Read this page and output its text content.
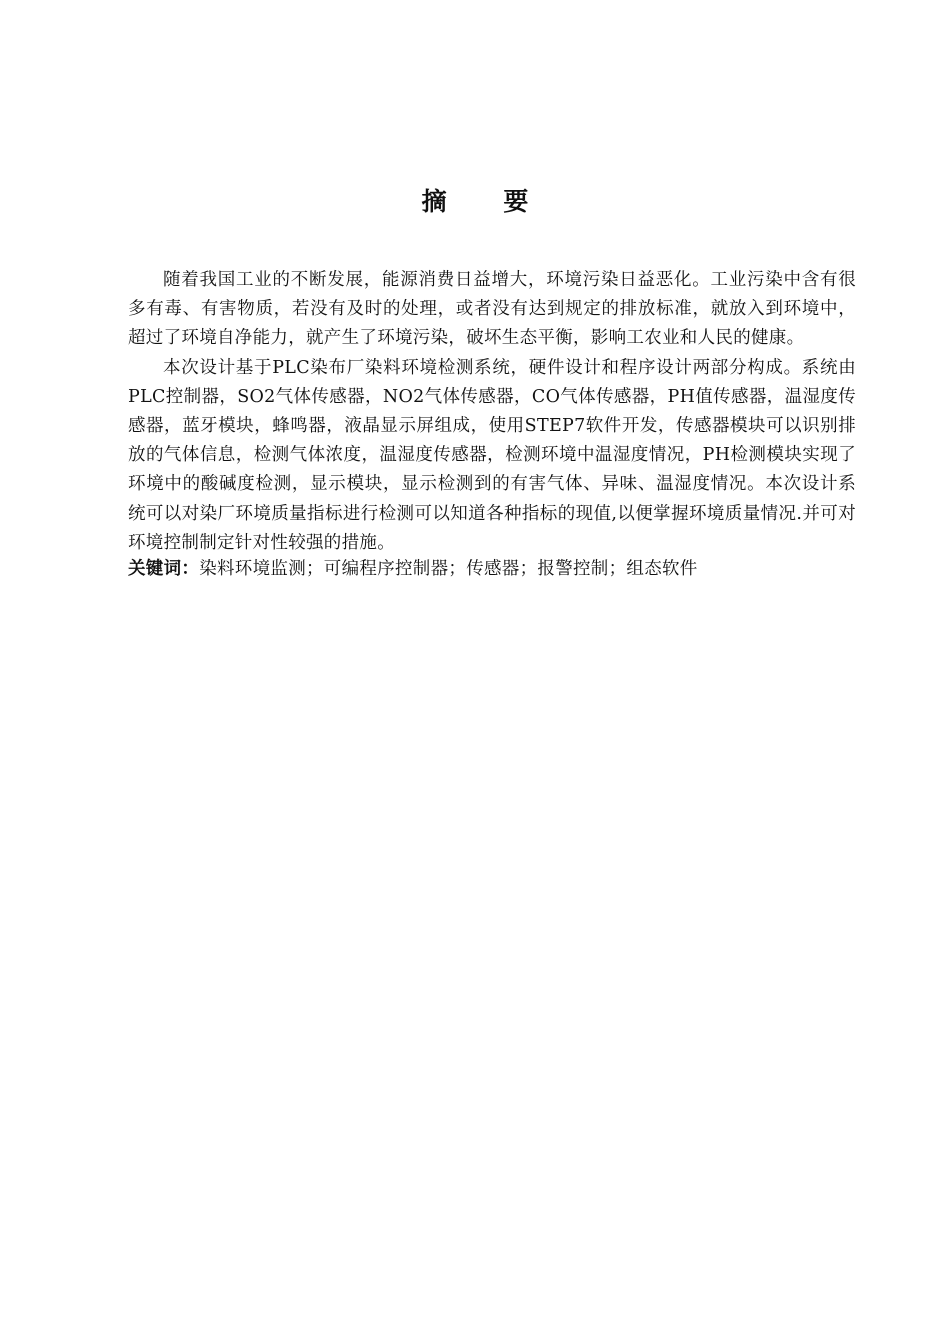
摘 要

随着我国工业的不断发展，能源消费日益增大，环境污染日益恶化。工业污染中含有很多有毒、有害物质，若没有及时的处理，或者没有达到规定的排放标准，就放入到环境中，超过了环境自净能力，就产生了环境污染，破坏生态平衡，影响工农业和人民的健康。

本次设计基于PLC染布厂染料环境检测系统，硬件设计和程序设计两部分构成。系统由PLC控制器，SO2气体传感器，NO2气体传感器，CO气体传感器，PH值传感器，温湿度传感器，蓝牙模块，蜂鸣器，液晶显示屏组成，使用STEP7软件开发，传感器模块可以识别排放的气体信息，检测气体浓度，温湿度传感器，检测环境中温湿度情况，PH检测模块实现了环境中的酸碱度检测，显示模块，显示检测到的有害气体、异味、温湿度情况。本次设计系统可以对染厂环境质量指标进行检测可以知道各种指标的现值,以便掌握环境质量情况.并可对环境控制制定针对性较强的措施。

关键词：染料环境监测；可编程序控制器；传感器；报警控制；组态软件
